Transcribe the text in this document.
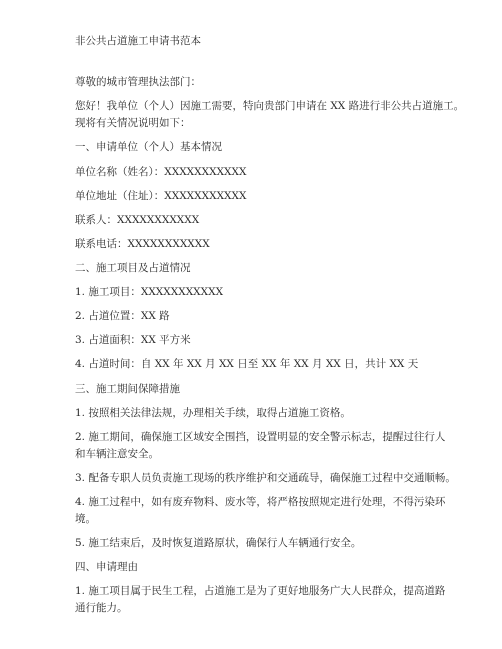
非公共占道施工申请书范本
尊敬的城市管理执法部门：
您好！我单位（个人）因施工需要，特向贵部门申请在 XX 路进行非公共占道施工。
现将有关情况说明如下：
一、申请单位（个人）基本情况
单位名称（姓名）：XXXXXXXXXXX
单位地址（住址）：XXXXXXXXXXX
联系人：XXXXXXXXXXX
联系电话：XXXXXXXXXXX
二、施工项目及占道情况
1. 施工项目：XXXXXXXXXXX
2. 占道位置：XX 路
3. 占道面积：XX 平方米
4. 占道时间：自 XX 年 XX 月 XX 日至 XX 年 XX 月 XX 日，共计 XX 天
三、施工期间保障措施
1. 按照相关法律法规，办理相关手续，取得占道施工资格。
2. 施工期间，确保施工区域安全围挡，设置明显的安全警示标志，提醒过往行人
和车辆注意安全。
3. 配备专职人员负责施工现场的秩序维护和交通疏导，确保施工过程中交通顺畅。
4. 施工过程中，如有废弃物料、废水等，将严格按照规定进行处理，不得污染环
境。
5. 施工结束后，及时恢复道路原状，确保行人车辆通行安全。
四、申请理由
1. 施工项目属于民生工程，占道施工是为了更好地服务广大人民群众，提高道路
通行能力。
